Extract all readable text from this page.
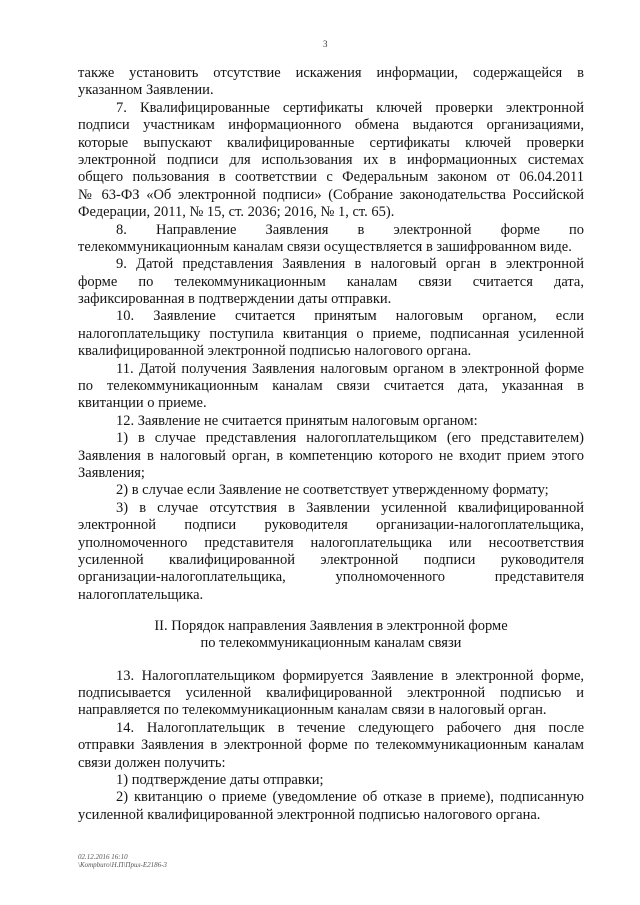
3
также установить отсутствие искажения информации, содержащейся в
указанном Заявлении.
7. Квалифицированные сертификаты ключей проверки электронной
подписи участникам информационного обмена выдаются организациями,
которые выпускают квалифицированные сертификаты ключей проверки
электронной подписи для использования их в информационных системах
общего пользования в соответствии с Федеральным законом от 06.04.2011
№ 63-ФЗ «Об электронной подписи» (Собрание законодательства Российской
Федерации, 2011, № 15, ст. 2036; 2016, № 1, ст. 65).
8. Направление Заявления в электронной форме по
телекоммуникационным каналам связи осуществляется в зашифрованном виде.
9. Датой представления Заявления в налоговый орган в электронной
форме по телекоммуникационным каналам связи считается дата,
зафиксированная в подтверждении даты отправки.
10. Заявление считается принятым налоговым органом, если
налогоплательщику поступила квитанция о приеме, подписанная усиленной
квалифицированной электронной подписью налогового органа.
11. Датой получения Заявления налоговым органом в электронной форме
по телекоммуникационным каналам связи считается дата, указанная в
квитанции о приеме.
12. Заявление не считается принятым налоговым органом:
1) в случае представления налогоплательщиком (его представителем)
Заявления в налоговый орган, в компетенцию которого не входит прием этого
Заявления;
2) в случае если Заявление не соответствует утвержденному формату;
3) в случае отсутствия в Заявлении усиленной квалифицированной
электронной подписи руководителя организации-налогоплательщика,
уполномоченного представителя налогоплательщика или несоответствия
усиленной квалифицированной электронной подписи руководителя
организации-налогоплательщика, уполномоченного представителя
налогоплательщика.
II. Порядок направления Заявления в электронной форме
по телекоммуникационным каналам связи
13. Налогоплательщиком формируется Заявление в электронной форме,
подписывается усиленной квалифицированной электронной подписью и
направляется по телекоммуникационным каналам связи в налоговый орган.
14. Налогоплательщик в течение следующего рабочего дня после
отправки Заявления в электронной форме по телекоммуникационным каналам
связи должен получить:
1) подтверждение даты отправки;
2) квитанцию о приеме (уведомление об отказе в приеме), подписанную
усиленной квалифицированной электронной подписью налогового органа.
02.12.2016 16:10
\Kompburo\Н.П\Прил-Е2186-3
